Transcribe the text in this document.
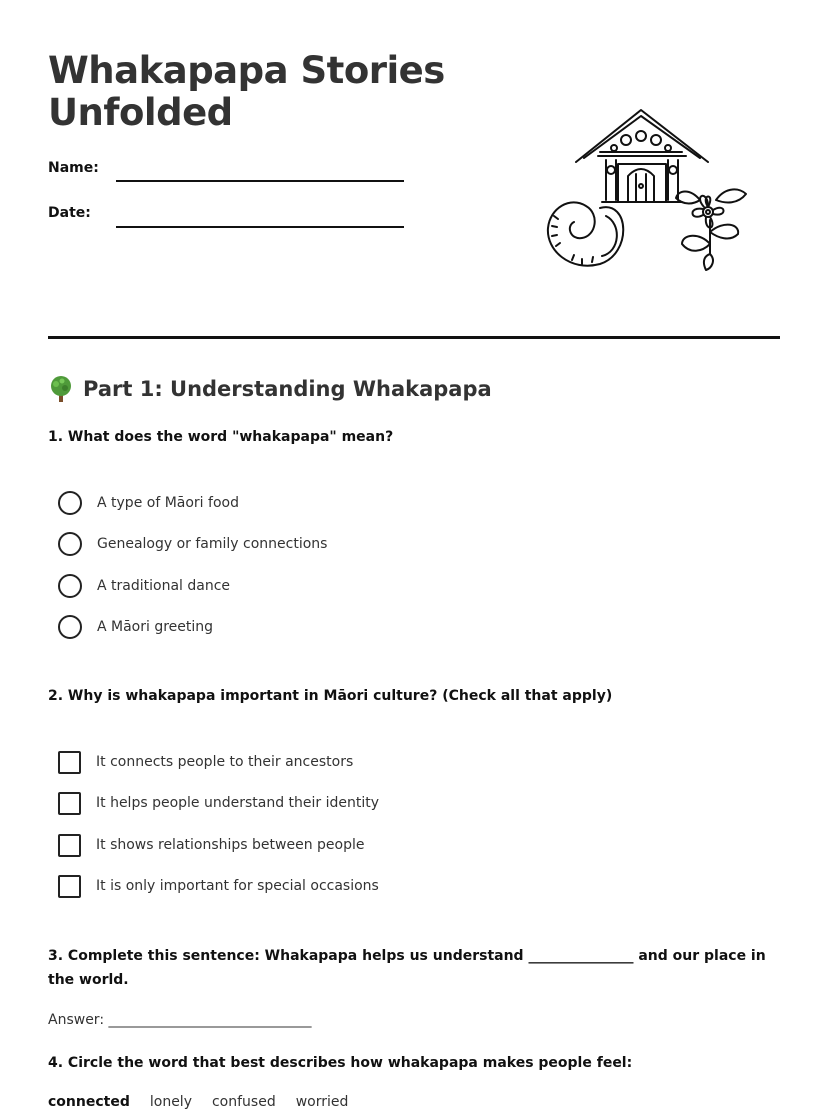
Whakapapa Stories Unfolded
Name:
Date:
Part 1: Understanding Whakapapa
1. What does the word "whakapapa" mean?
A type of Māori food
Genealogy or family connections
A traditional dance
A Māori greeting
2. Why is whakapapa important in Māori culture? (Check all that apply)
It connects people to their ancestors
It helps people understand their identity
It shows relationships between people
It is only important for special occasions
3. Complete this sentence: Whakapapa helps us understand _______________ and our place in the world.
Answer: _____________________________
4. Circle the word that best describes how whakapapa makes people feel:
connected lonely confused worried
